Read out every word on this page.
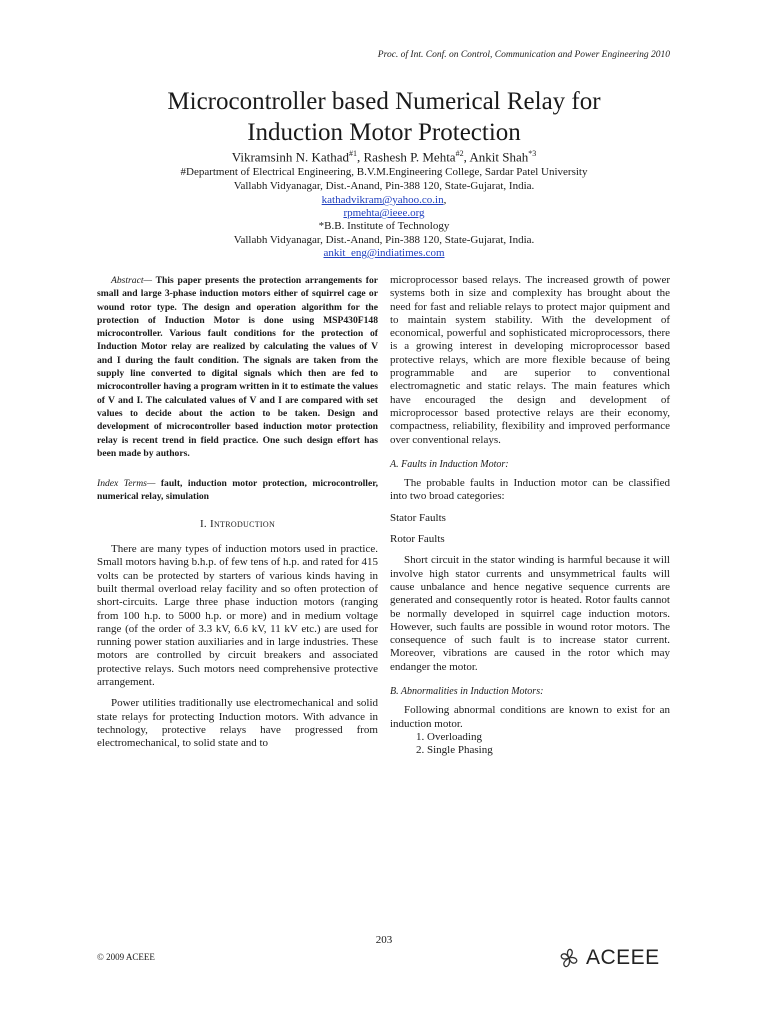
Proc. of Int. Conf. on Control, Communication and Power Engineering 2010
Microcontroller based Numerical Relay for
Induction Motor Protection
Vikramsinh N. Kathad$^{\#1}$, Rashesh P. Mehta$^{\#2}$, Ankit Shah$^{*3}$
#Department of Electrical Engineering, B.V.M.Engineering College, Sardar Patel University
Vallabh Vidyanagar, Dist.-Anand, Pin-388 120, State-Gujarat, India.
kathadvikram@yahoo.co.in,
rpmehta@ieee.org
*B.B. Institute of Technology
Vallabh Vidyanagar, Dist.-Anand, Pin-388 120, State-Gujarat, India.
ankit_eng@indiatimes.com

Abstract— This paper presents the protection arrangements for small and large 3-phase induction motors either of squirrel cage or wound rotor type. The design and operation algorithm for the protection of Induction Motor is done using MSP430F148 microcontroller. Various fault conditions for the protection of Induction Motor relay are realized by calculating the values of V and I during the fault condition. The signals are taken from the supply line converted to digital signals which then are fed to microcontroller having a program written in it to estimate the values of V and I. The calculated values of V and I are compared with set values to decide about the action to be taken. Design and development of microcontroller based induction motor protection relay is recent trend in field practice. One such design effort has been made by authors.

Index Terms— fault, induction motor protection, microcontroller, numerical relay, simulation

I. Introduction

There are many types of induction motors used in practice. Small motors having b.h.p. of few tens of h.p. and rated for 415 volts can be protected by starters of various kinds having in built thermal overload relay facility and so often protection of short-circuits. Large three phase induction motors (ranging from 100 h.p. to 5000 h.p. or more) and in medium voltage range (of the order of 3.3 kV, 6.6 kV, 11 kV etc.) are used for running power station auxiliaries and in large industries. These motors are controlled by circuit breakers and associated protective relays. Such motors need comprehensive protective arrangement.

Power utilities traditionally use electromechanical and solid state relays for protecting Induction motors. With advance in technology, protective relays have progressed from electromechanical, to solid state and to

microprocessor based relays. The increased growth of power systems both in size and complexity has brought about the need for fast and reliable relays to protect major quipment and to maintain system stability. With the development of economical, powerful and sophisticated microprocessors, there is a growing interest in developing microprocessor based protective relays, which are more flexible because of being programmable and are superior to conventional electromagnetic and static relays. The main features which have encouraged the design and development of microprocessor based protective relays are their economy, compactness, reliability, flexibility and improved performance over conventional relays.

A. Faults in Induction Motor:

The probable faults in Induction motor can be classified into two broad categories:

Stator Faults

Rotor Faults

Short circuit in the stator winding is harmful because it will involve high stator currents and unsymmetrical faults will cause unbalance and hence negative sequence currents are generated and consequently rotor is heated. Rotor faults cannot be normally developed in squirrel cage induction motors. However, such faults are possible in wound rotor motors. The consequence of such fault is to increase stator current. Moreover, vibrations are caused in the rotor which may endanger the motor.

B. Abnormalities in Induction Motors:

Following abnormal conditions are known to exist for an induction motor.

1. Overloading

2. Single Phasing

203
© 2009 ACEEE	ACEEE
